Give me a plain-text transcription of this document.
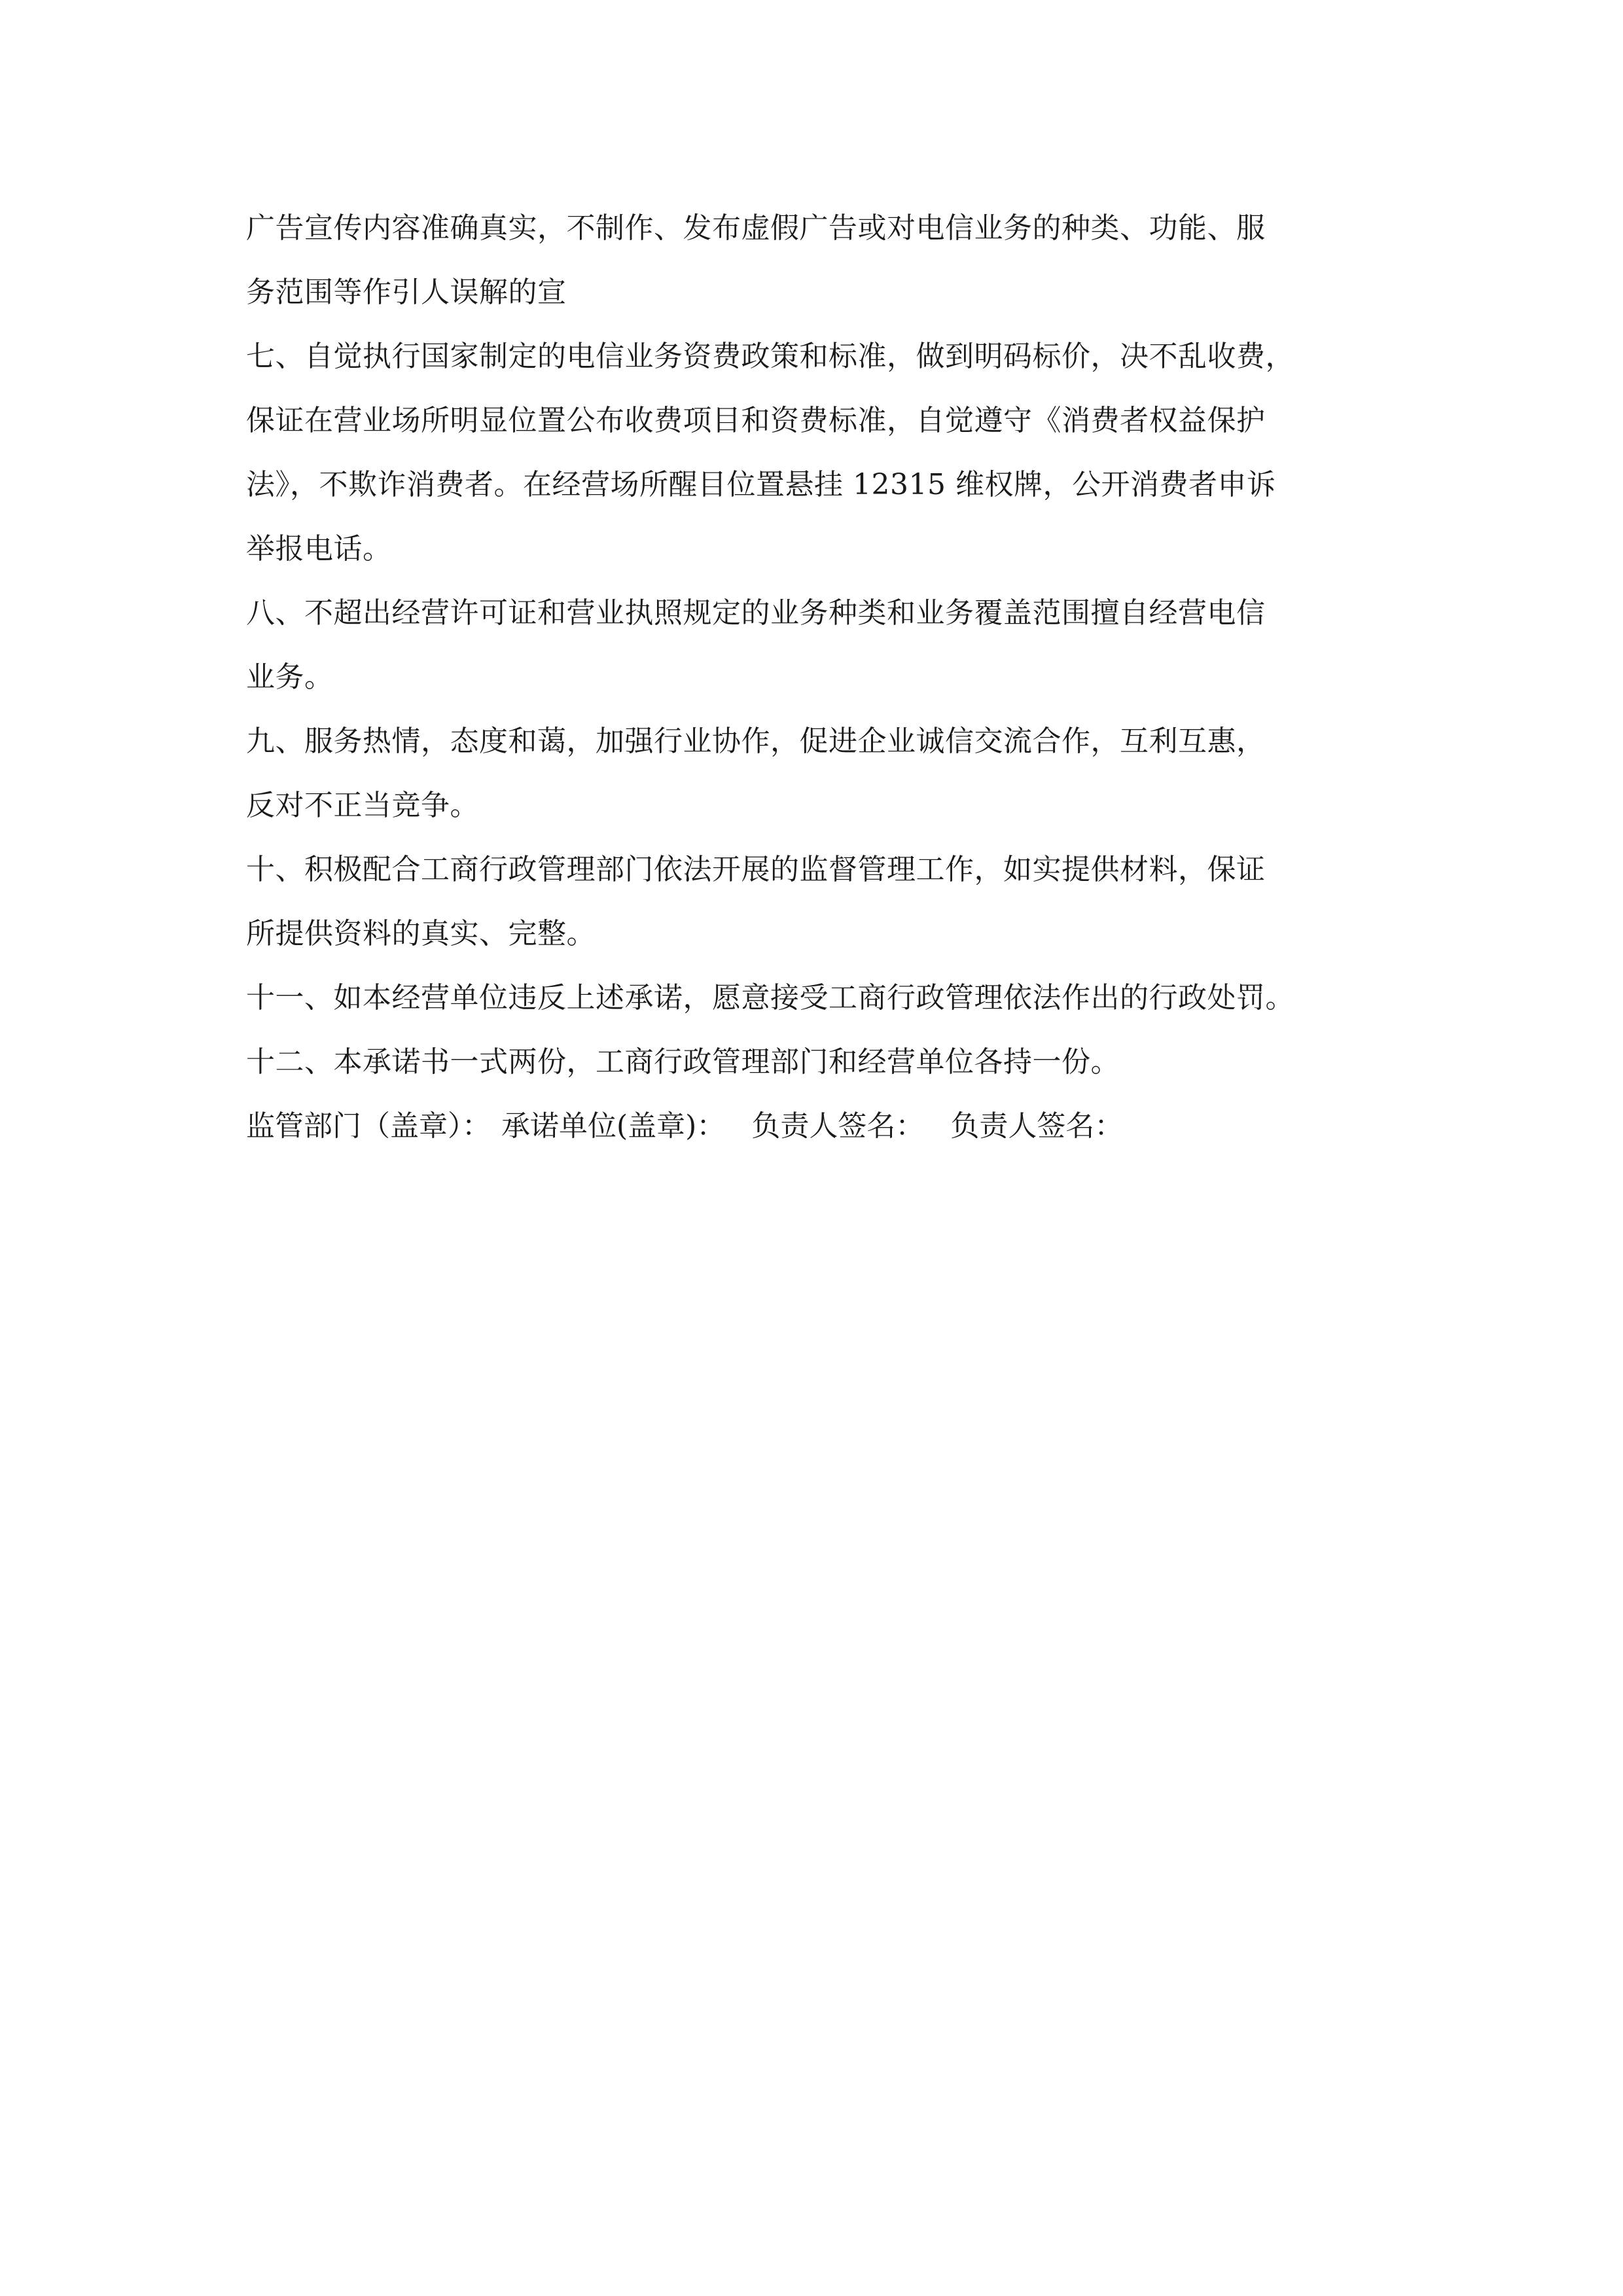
广告宣传内容准确真实，不制作、发布虚假广告或对电信业务的种类、功能、服
务范围等作引人误解的宣
七、自觉执行国家制定的电信业务资费政策和标准，做到明码标价，决不乱收费，
保证在营业场所明显位置公布收费项目和资费标准，自觉遵守《消费者权益保护
法》，不欺诈消费者。在经营场所醒目位置悬挂 12315 维权牌，公开消费者申诉
举报电话。
八、不超出经营许可证和营业执照规定的业务种类和业务覆盖范围擅自经营电信
业务。
九、服务热情，态度和蔼，加强行业协作，促进企业诚信交流合作，互利互惠，
反对不正当竞争。
十、积极配合工商行政管理部门依法开展的监督管理工作，如实提供材料，保证
所提供资料的真实、完整。
十一、如本经营单位违反上述承诺，愿意接受工商行政管理依法作出的行政处罚。
十二、本承诺书一式两份，工商行政管理部门和经营单位各持一份。
监管部门（盖章）： 承诺单位(盖章)： 负责人签名： 负责人签名：
